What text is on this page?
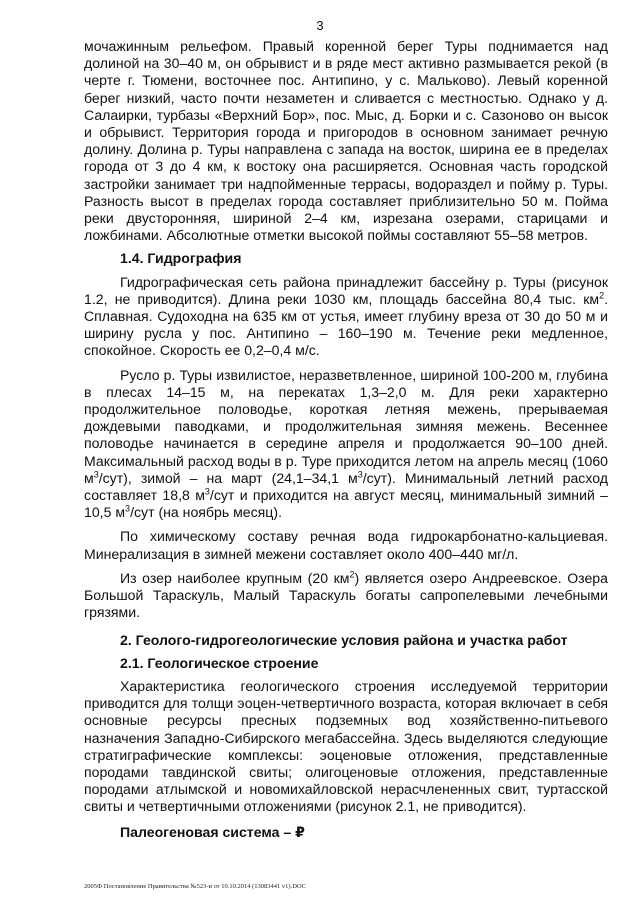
3

мочажинным рельефом. Правый коренной берег Туры поднимается над долиной на 30–40 м, он обрывист и в ряде мест активно размывается рекой (в черте г. Тюмени, восточнее пос. Антипино, у с. Мальково). Левый коренной берег низкий, часто почти незаметен и сливается с местностью. Однако у д. Салаирки, турбазы «Верхний Бор», пос. Мыс, д. Борки и с. Сазоново он высок и обрывист. Территория города и пригородов в основном занимает речную долину. Долина р. Туры направлена с запада на восток, ширина ее в пределах города от 3 до 4 км, к востоку она расширяется. Основная часть городской застройки занимает три надпойменные террасы, водораздел и пойму р. Туры. Разность высот в пределах города составляет приблизительно 50 м. Пойма реки двусторонняя, шириной 2–4 км, изрезана озерами, старицами и ложбинами. Абсолютные отметки высокой поймы составляют 55–58 метров.

1.4. Гидрография

Гидрографическая сеть района принадлежит бассейну р. Туры (рисунок 1.2, не приводится). Длина реки 1030 км, площадь бассейна 80,4 тыс. $км^2$. Сплавная. Судоходна на 635 км от устья, имеет глубину вреза от 30 до 50 м и ширину русла у пос. Антипино – 160–190 м. Течение реки медленное, спокойное. Скорость ее 0,2–0,4 м/с.

Русло р. Туры извилистое, неразветвленное, шириной 100-200 м, глубина в плесах 14–15 м, на перекатах 1,3–2,0 м. Для реки характерно продолжительное половодье, короткая летняя межень, прерываемая дождевыми паводками, и продолжительная зимняя межень. Весеннее половодье начинается в середине апреля и продолжается 90–100 дней. Максимальный расход воды в р. Туре приходится летом на апрель месяц (1060 $м^3/сут$), зимой – на март (24,1–34,1 $м^3/сут$). Минимальный летний расход составляет 18,8 $м^3$/сут и приходится на август месяц, минимальный зимний – 10,5 $м^3$/сут (на ноябрь месяц).

По химическому составу речная вода гидрокарбонатно-кальциевая. Минерализация в зимней межени составляет около 400–440 мг/л.

Из озер наиболее крупным (20 $км^2$) является озеро Андреевское. Озера Большой Тараскуль, Малый Тараскуль богаты сапропелевыми лечебными грязями.

2. Геолого-гидрогеологические условия района и участка работ
2.1. Геологическое строение

Характеристика геологического строения исследуемой территории приводится для толщи эоцен-четвертичного возраста, которая включает в себя основные ресурсы пресных подземных вод хозяйственно-питьевого назначения Западно-Сибирского мегабассейна. Здесь выделяются следующие стратиграфические комплексы: эоценовые отложения, представленные породами тавдинской свиты; олигоценовые отложения, представленные породами атлымской и новомихайловской нерасчлененных свит, туртасской свиты и четвертичными отложениями (рисунок 2.1, не приводится).

Палеогеновая система – ₽
2005Ф Постановление Правительства №523-и от 10.10.2014 (13083441 v1).DOC
